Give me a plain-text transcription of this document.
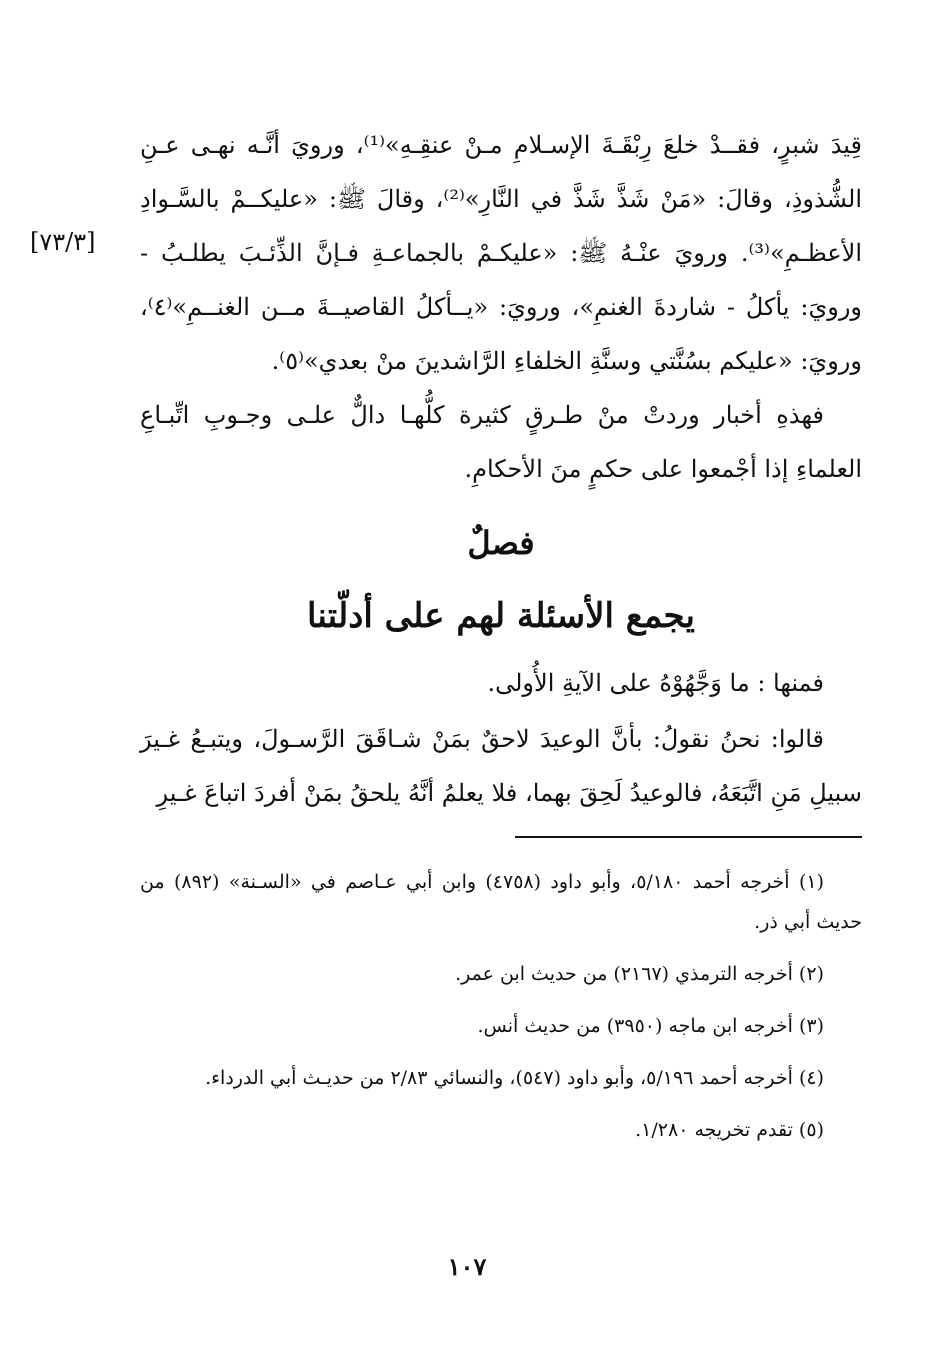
[٧٣/٣]

قِيدَ شبرٍ، فقــدْ خلعَ رِبْقَـةَ الإسـلامِ مـنْ عنقِـهِ»⁽¹⁾، ورويَ أنَّـه نهـى عـنِ الشُّذوذِ، وقالَ: «مَنْ شَذَّ شَذَّ في النَّارِ»⁽²⁾، وقالَ ﷺ: «عليكــمْ بالسَّـوادِ الأعظـمِ»⁽³⁾. ورويَ عنْـهُ ﷺ: «عليكـمْ بالجماعـةِ فـإنَّ الذِّئـبَ يطلـبُ - ورويَ: يأكلُ - شاردةَ الغنمِ»، ورويَ: «يــأكلُ القاصيــةَ مــن الغنــمِ»⁽٤⁾، ورويَ: «عليكم بسُنَّتي وسنَّةِ الخلفاءِ الرَّاشدينَ منْ بعدي»⁽٥⁾.

فهذهِ أخبار وردتْ منْ طـرقٍ كثيرة كلُّهـا دالٌّ علـى وجـوبِ اتِّبـاعِ العلماءِ إذا أجْمعوا على حكمٍ منَ الأحكامِ.

فصلٌ
يجمع الأسئلة لهم على أدلّتنا

فمنها : ما وَجَّهُوْهُ على الآيةِ الأُولى.

قالوا: نحنُ نقولُ: بأنَّ الوعيدَ لاحقٌ بمَنْ شـاقَقَ الرَّسـولَ، ويتبـعُ غـيرَ سبيلِ مَنِ اتَّبَعَهُ، فالوعيدُ لَحِقَ بهما، فلا يعلمُ أنَّهُ يلحقُ بمَنْ أفردَ اتباعَ غـيرِ

(١) أخرجه أحمد ٥/١٨٠، وأبو داود (٤٧٥٨) وابن أبي عـاصم في «السـنة» (٨٩٢) من حديث أبي ذر.

(٢) أخرجه الترمذي (٢١٦٧) من حديث ابن عمر.

(٣) أخرجه ابن ماجه (٣٩٥٠) من حديث أنس.

(٤) أخرجه أحمد ٥/١٩٦، وأبو داود (٥٤٧)، والنسائي ٢/٨٣ من حديـث أبي الدرداء.

(٥) تقدم تخريجه ١/٢٨٠.

١٠٧
